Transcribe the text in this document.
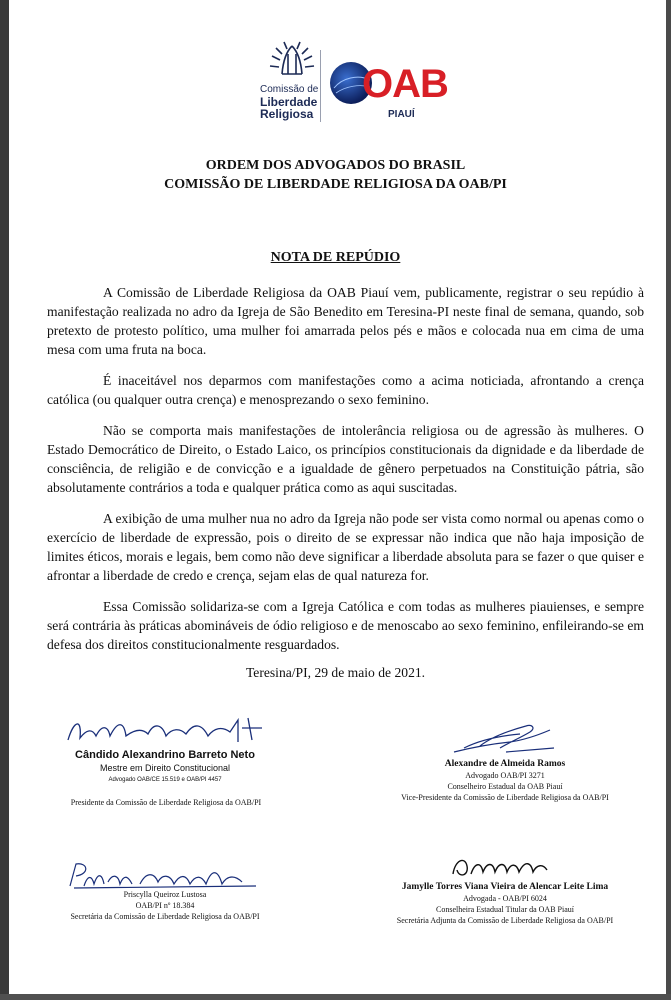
Comissão de
Liberdade
Religiosa
OAB
PIAUÍ
ORDEM DOS ADVOGADOS DO BRASIL
COMISSÃO DE LIBERDADE RELIGIOSA DA OAB/PI
NOTA DE REPÚDIO

A Comissão de Liberdade Religiosa da OAB Piauí vem, publicamente, registrar o seu repúdio à manifestação realizada no adro da Igreja de São Benedito em Teresina-PI neste final de semana, quando, sob pretexto de protesto político, uma mulher foi amarrada pelos pés e mãos e colocada nua em cima de uma mesa com uma fruta na boca.

É inaceitável nos deparmos com manifestações como a acima noticiada, afrontando a crença católica (ou qualquer outra crença) e menosprezando o sexo feminino.

Não se comporta mais manifestações de intolerância religiosa ou de agressão às mulheres. O Estado Democrático de Direito, o Estado Laico, os princípios constitucionais da dignidade e da liberdade de consciência, de religião e de convicção e a igualdade de gênero perpetuados na Constituição pátria, são absolutamente contrários a toda e qualquer prática como as aqui suscitadas.

A exibição de uma mulher nua no adro da Igreja não pode ser vista como normal ou apenas como o exercício de liberdade de expressão, pois o direito de se expressar não indica que não haja imposição de limites éticos, morais e legais, bem como não deve significar a liberdade absoluta para se fazer o que quiser e afrontar a liberdade de credo e crença, sejam elas de qual natureza for.

Essa Comissão solidariza-se com a Igreja Católica e com todas as mulheres piauienses, e sempre será contrária às práticas abomináveis de ódio religioso e de menoscabo ao sexo feminino, enfileirando-se em defesa dos direitos constitucionalmente resguardados.

Teresina/PI, 29 de maio de 2021.
Cândido Alexandrino Barreto Neto
Mestre em Direito Constitucional
Advogado OAB/CE 15.519 e OAB/PI 4457
Presidente da Comissão de Liberdade Religiosa da OAB/PI
Alexandre de Almeida Ramos
Advogado OAB/PI 3271
Conselheiro Estadual da OAB Piauí
Vice-Presidente da Comissão de Liberdade Religiosa da OAB/PI
Priscylla Queiroz Lustosa
OAB/PI nº 18.384
Secretária da Comissão de Liberdade Religiosa da OAB/PI
Jamylle Torres Viana Vieira de Alencar Leite Lima
Advogada - OAB/PI 6024
Conselheira Estadual Titular da OAB Piauí
Secretária Adjunta da Comissão de Liberdade Religiosa da OAB/PI
